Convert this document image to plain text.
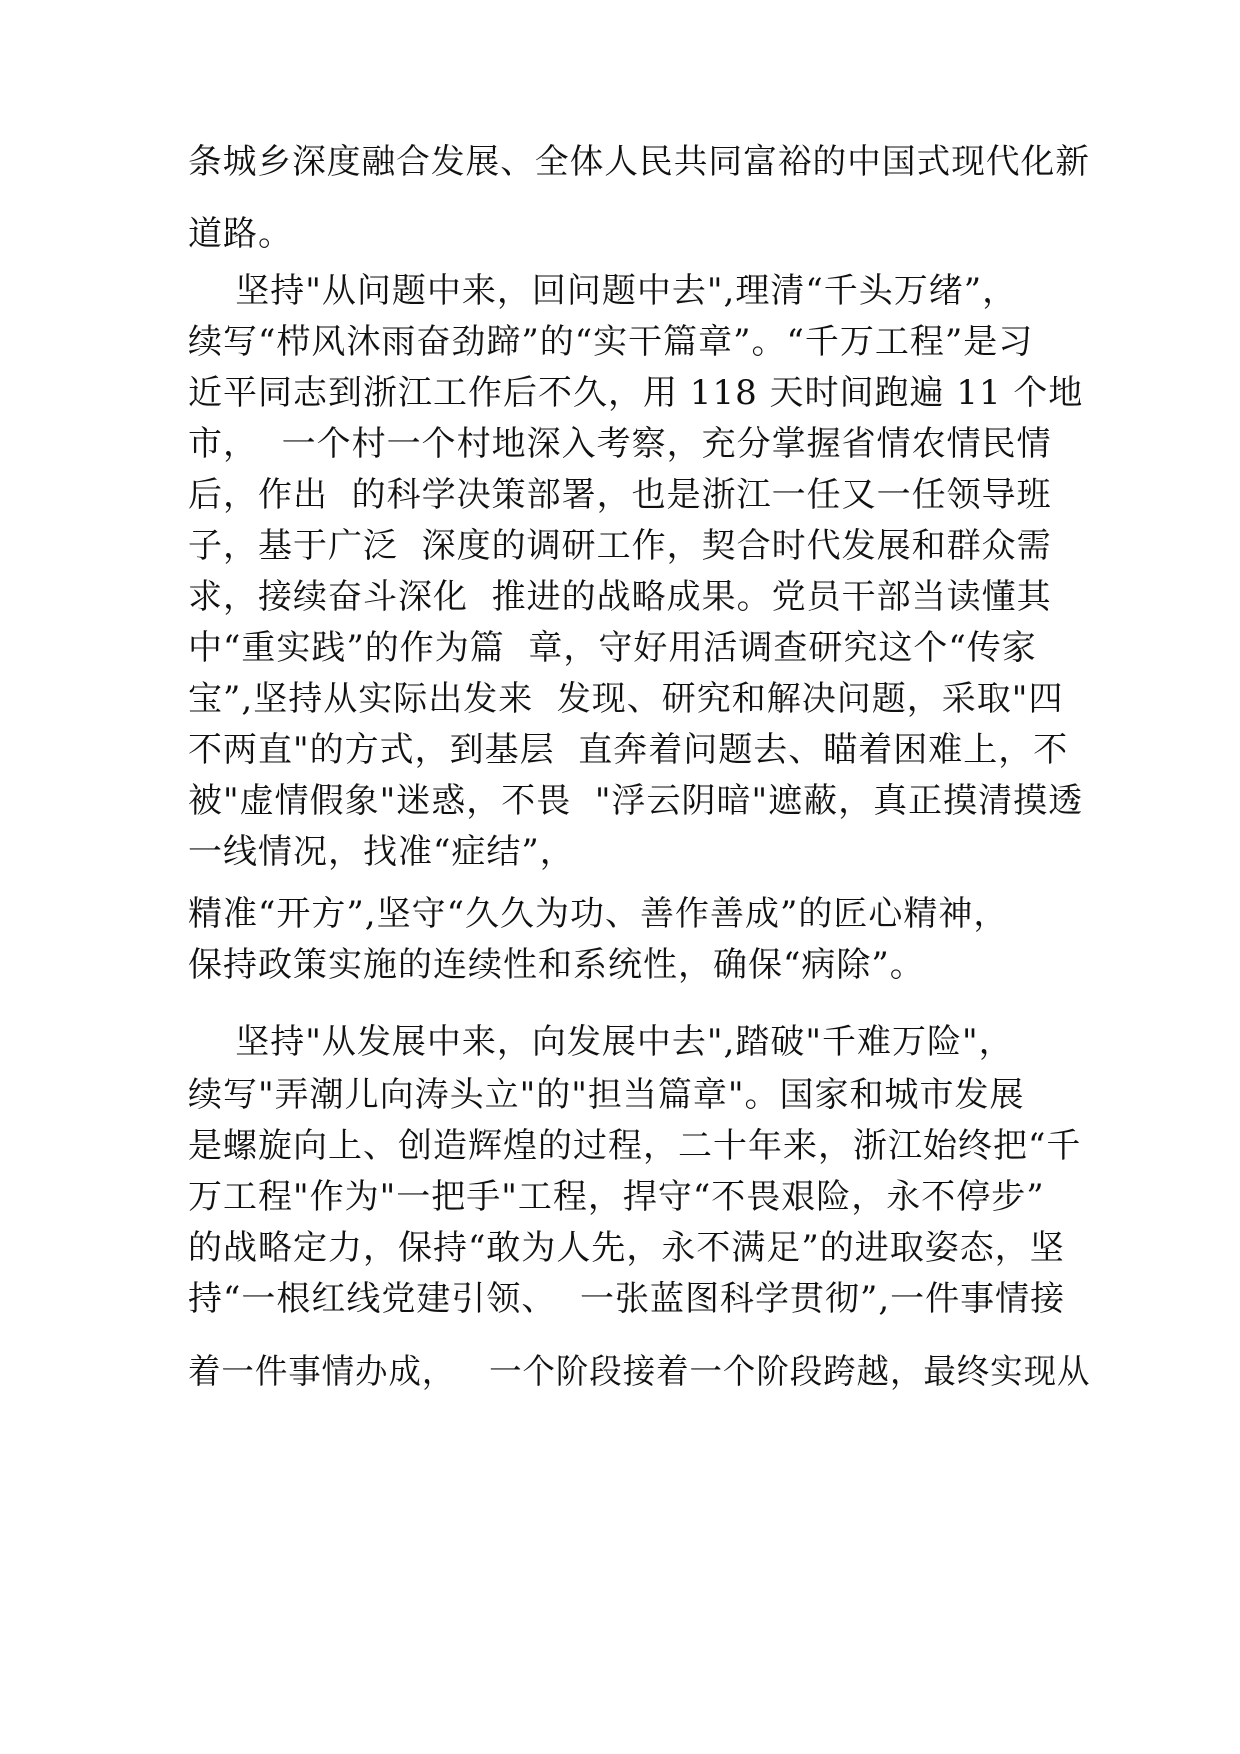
条城乡深度融合发展、全体人民共同富裕的中国式现代化新
道路。
坚持"从问题中来，回问题中去",理清“千头万绪”，
续写“栉风沐雨奋劲蹄”的“实干篇章”。“千万工程”是习
近平同志到浙江工作后不久，用 118 天时间跑遍 11 个地
市，  一个村一个村地深入考察，充分掌握省情农情民情
后，作出  的科学决策部署，也是浙江一任又一任领导班
子，基于广泛  深度的调研工作，契合时代发展和群众需
求，接续奋斗深化  推进的战略成果。党员干部当读懂其
中“重实践”的作为篇  章，守好用活调查研究这个“传家
宝”,坚持从实际出发来  发现、研究和解决问题，采取"四
不两直"的方式，到基层  直奔着问题去、瞄着困难上，不
被"虚情假象"迷惑，不畏  "浮云阴暗"遮蔽，真正摸清摸透
一线情况，找准“症结”，
精准“开方”,坚守“久久为功、善作善成”的匠心精神，
保持政策实施的连续性和系统性，确保“病除”。
坚持"从发展中来，向发展中去",踏破"千难万险"，
续写"弄潮儿向涛头立"的"担当篇章"。国家和城市发展
是螺旋向上、创造辉煌的过程，二十年来，浙江始终把“千
万工程"作为"一把手"工程，捍守“不畏艰险，永不停步”
的战略定力，保持“敢为人先，永不满足”的进取姿态，坚
持“一根红线党建引领、  一张蓝图科学贯彻”,一件事情接
着一件事情办成，   一个阶段接着一个阶段跨越，最终实现从
